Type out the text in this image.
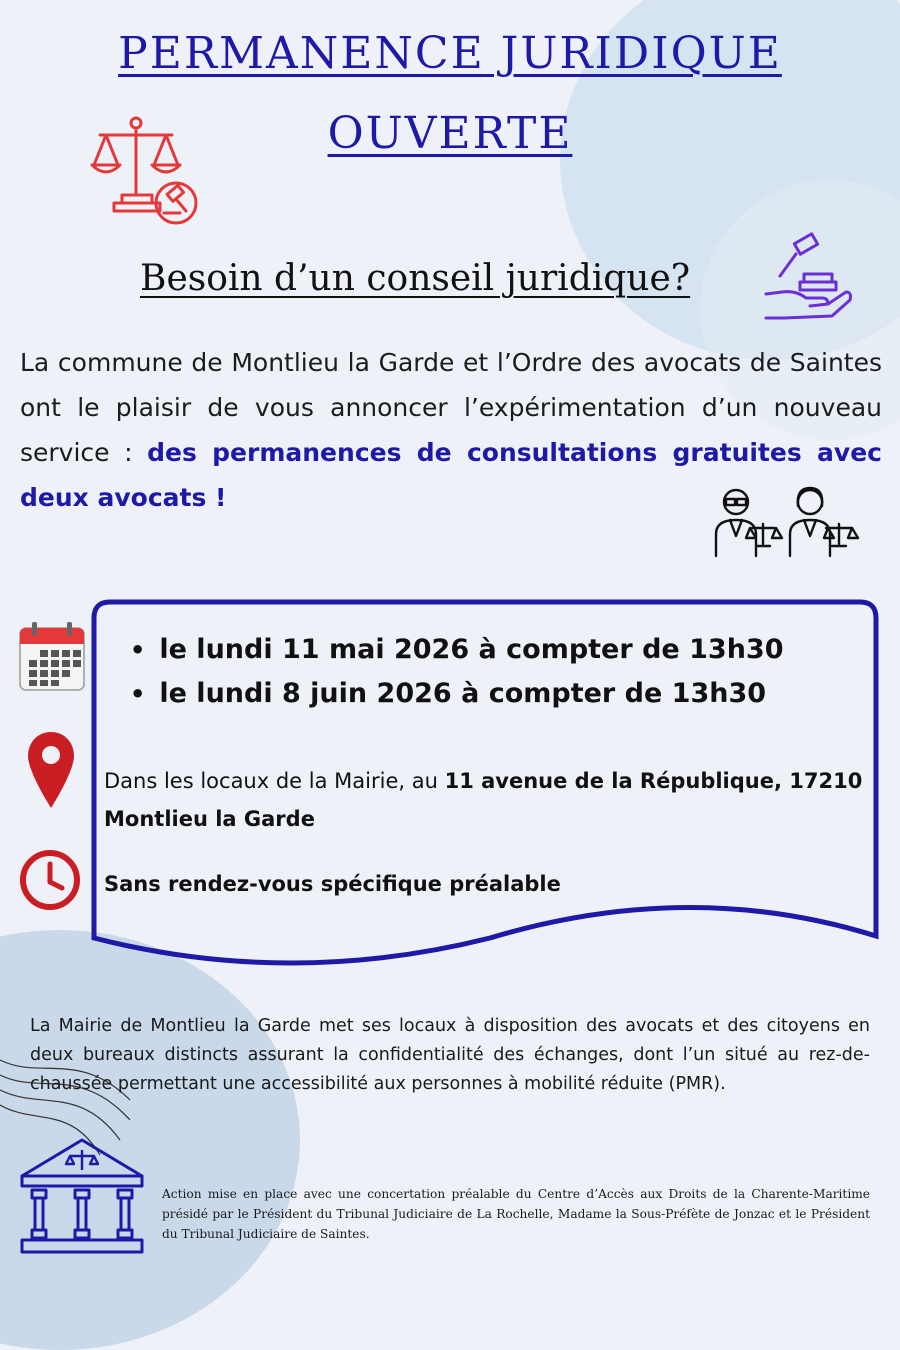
PERMANENCE JURIDIQUE
OUVERTE
Besoin d’un conseil juridique?

La commune de Montlieu la Garde et l’Ordre des avocats de Saintes ont le plaisir de vous annoncer l’expérimentation d’un nouveau service : des permanences de consultations gratuites avec deux avocats !

• le lundi 11 mai 2026 à compter de 13h30
• le lundi 8 juin 2026 à compter de 13h30

Dans les locaux de la Mairie, au 11 avenue de la République, 17210 Montlieu la Garde

Sans rendez-vous spécifique préalable

La Mairie de Montlieu la Garde met ses locaux à disposition des avocats et des citoyens en deux bureaux distincts assurant la confidentialité des échanges, dont l’un situé au rez-de-chaussée permettant une accessibilité aux personnes à mobilité réduite (PMR).

Action mise en place avec une concertation préalable du Centre d’Accès aux Droits de la Charente-Maritime présidé par le Président du Tribunal Judiciaire de La Rochelle, Madame la Sous-Préfète de Jonzac et le Président du Tribunal Judiciaire de Saintes.
